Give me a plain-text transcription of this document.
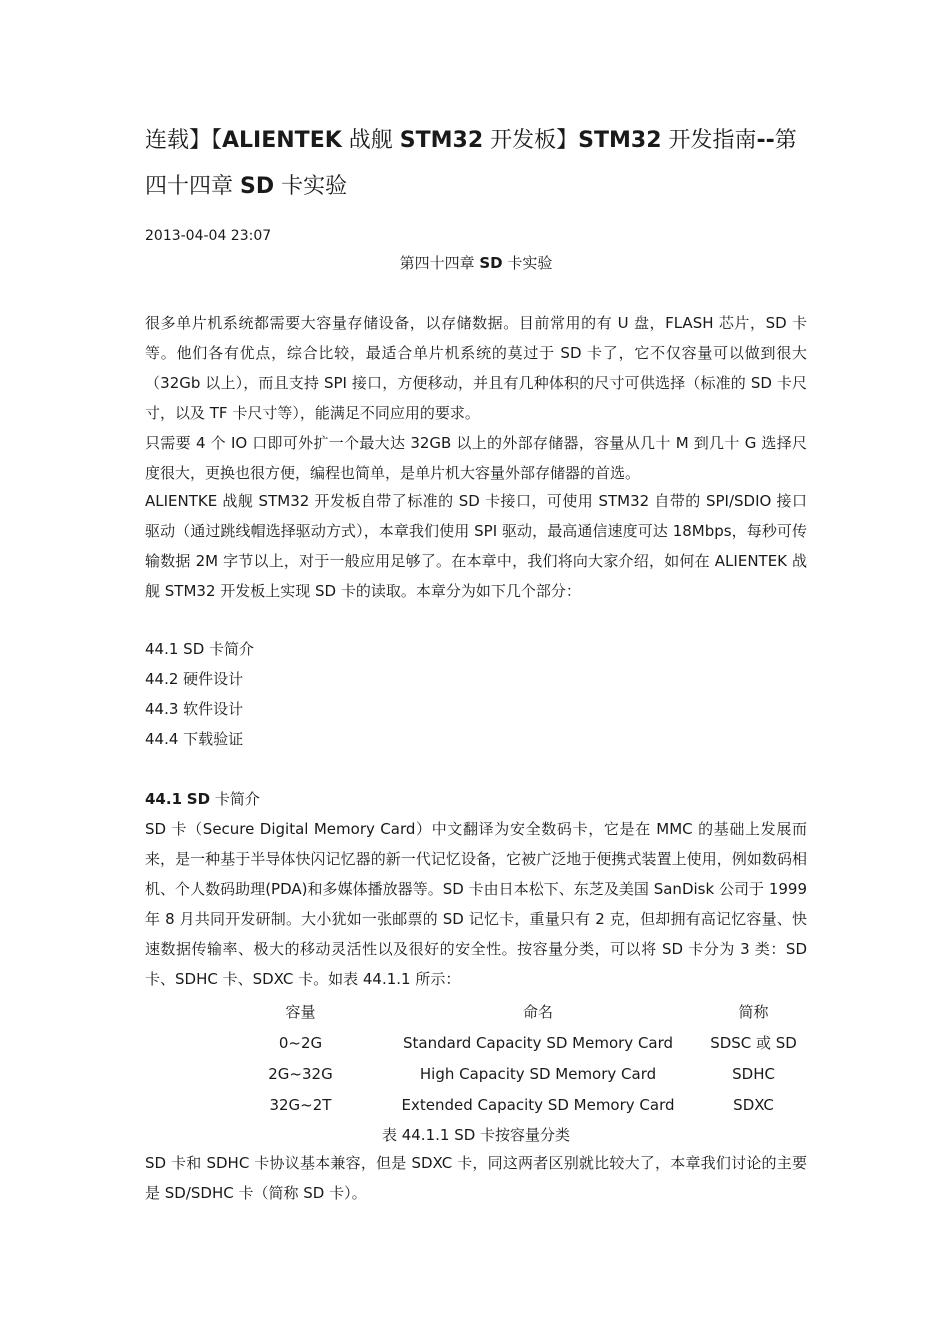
连载】【ALIENTEK 战舰 STM32 开发板】STM32 开发指南--第
四十四章 SD 卡实验
2013-04-04 23:07
第四十四章 SD 卡实验

很多单片机系统都需要大容量存储设备，以存储数据。目前常用的有 U 盘，FLASH 芯片，SD 卡等。他们各有优点，综合比较，最适合单片机系统的莫过于 SD 卡了，它不仅容量可以做到很大（32Gb 以上），而且支持 SPI 接口，方便移动，并且有几种体积的尺寸可供选择（标准的 SD 卡尺寸，以及 TF 卡尺寸等），能满足不同应用的要求。

只需要 4 个 IO 口即可外扩一个最大达 32GB 以上的外部存储器，容量从几十 M 到几十 G 选择尺度很大，更换也很方便，编程也简单，是单片机大容量外部存储器的首选。

ALIENTKE 战舰 STM32 开发板自带了标准的 SD 卡接口，可使用 STM32 自带的 SPI/SDIO 接口驱动（通过跳线帽选择驱动方式），本章我们使用 SPI 驱动，最高通信速度可达 18Mbps，每秒可传输数据 2M 字节以上，对于一般应用足够了。在本章中，我们将向大家介绍，如何在 ALIENTEK 战舰 STM32 开发板上实现 SD 卡的读取。本章分为如下几个部分：

44.1 SD 卡简介
44.2 硬件设计
44.3 软件设计
44.4 下载验证
44.1 SD 卡简介

SD 卡（Secure Digital Memory Card）中文翻译为安全数码卡，它是在 MMC 的基础上发展而来，是一种基于半导体快闪记忆器的新一代记忆设备，它被广泛地于便携式装置上使用，例如数码相机、个人数码助理(PDA)和多媒体播放器等。SD 卡由日本松下、东芝及美国 SanDisk 公司于 1999 年 8 月共同开发研制。大小犹如一张邮票的 SD 记忆卡，重量只有 2 克，但却拥有高记忆容量、快速数据传输率、极大的移动灵活性以及很好的安全性。按容量分类，可以将 SD 卡分为 3 类：SD 卡、SDHC 卡、SDXC 卡。如表 44.1.1 所示：

容量	命名	简称
0~2G	Standard Capacity SD Memory Card	SDSC 或 SD
2G~32G	High Capacity SD Memory Card	SDHC
32G~2T	Extended Capacity SD Memory Card	SDXC
表 44.1.1 SD 卡按容量分类

SD 卡和 SDHC 卡协议基本兼容，但是 SDXC 卡，同这两者区别就比较大了，本章我们讨论的主要是 SD/SDHC 卡（简称 SD 卡）。
